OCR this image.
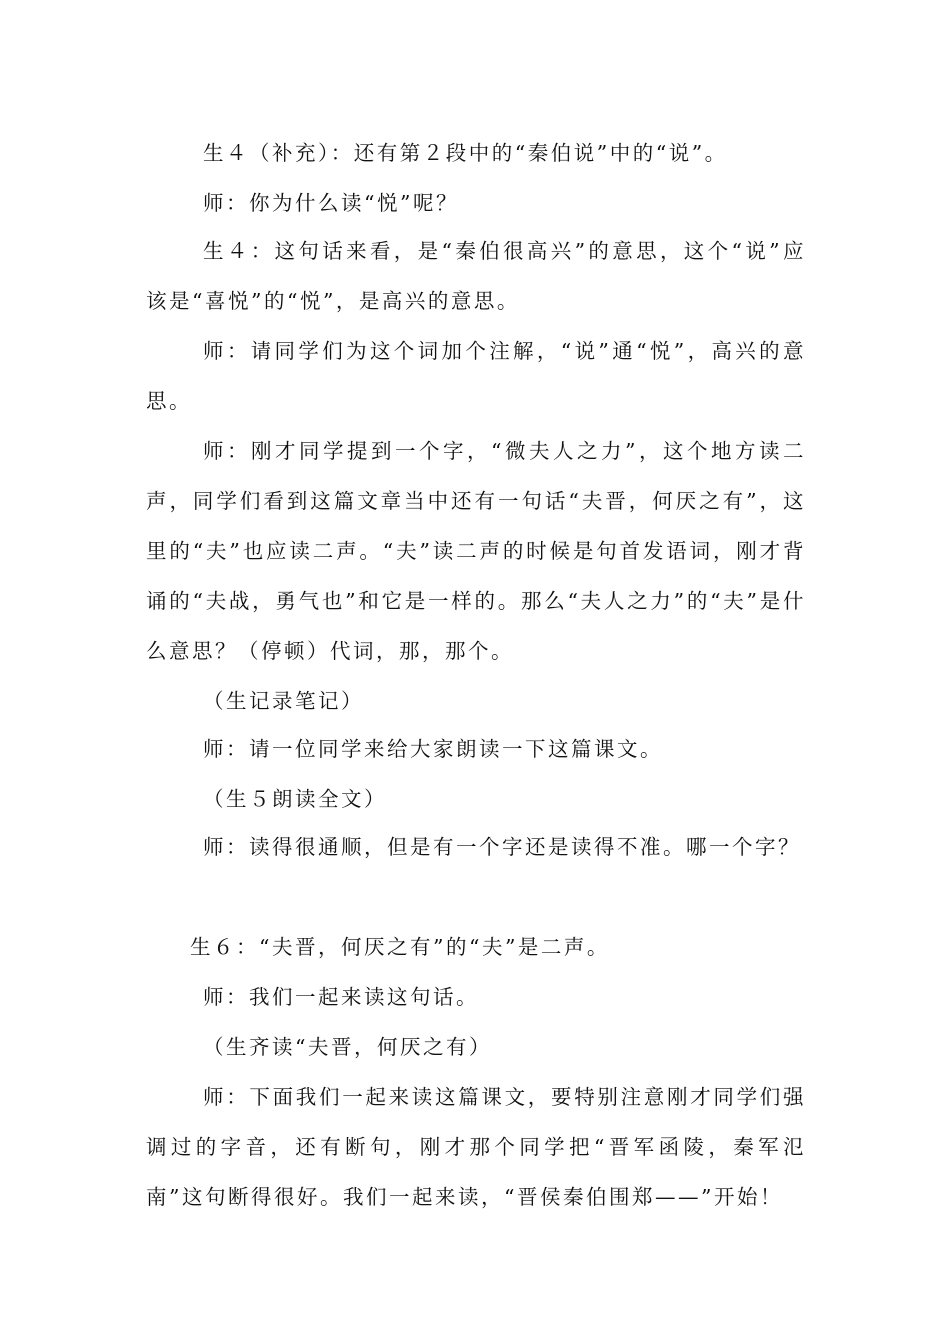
生４（补充）：还有第２段中的“秦伯说”中的“说”。

师：你为什么读“悦”呢？

生４：这句话来看，是“秦伯很高兴”的意思，这个“说”应该是“喜悦”的“悦”，是高兴的意思。

师：请同学们为这个词加个注解，“说”通“悦”，高兴的意思。

师：刚才同学提到一个字，“微夫人之力”，这个地方读二声，同学们看到这篇文章当中还有一句话“夫晋，何厌之有”，这里的“夫”也应读二声。“夫”读二声的时候是句首发语词，刚才背诵的“夫战，勇气也”和它是一样的。那么“夫人之力”的“夫”是什么意思？（停顿）代词，那，那个。

（生记录笔记）

师：请一位同学来给大家朗读一下这篇课文。

（生５朗读全文）

师：读得很通顺，但是有一个字还是读得不准。哪一个字？

生６：“夫晋，何厌之有”的“夫”是二声。

师：我们一起来读这句话。

（生齐读“夫晋，何厌之有）

师：下面我们一起来读这篇课文，要特别注意刚才同学们强调过的字音，还有断句，刚才那个同学把“晋军函陵，秦军氾南”这句断得很好。我们一起来读，“晋侯秦伯围郑——”开始！
